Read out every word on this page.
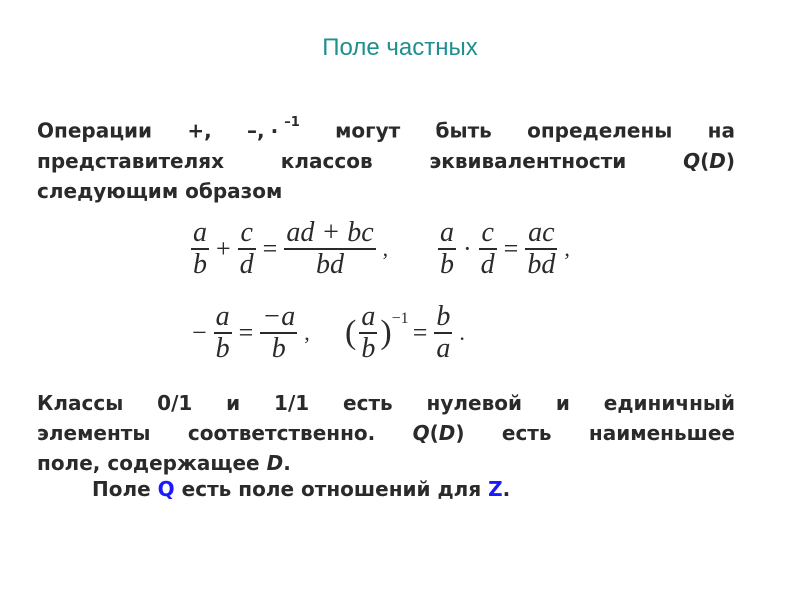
Поле частных
Операции +, –, · $^{-1}$ могут быть определены на
представителях классов эквивалентности	Q(D)
следующим образом
$\frac{a}{b} + \frac{c}{d} = \frac{ad + bc}{bd}$ , $\frac{a}{b} \cdot \frac{c}{d} = \frac{ac}{bd}$ ,
− $\frac{a}{b} = \frac{-a}{b}$ , ( $\frac{a}{b}$ ) $-1 = \frac{b}{a}$ .
Классы 0/1 и 1/1 есть нулевой и единичный
элементы соответственно. Q(D) есть наименьшее
поле, содержащее D.
Поле Q есть поле отношений для Z.
